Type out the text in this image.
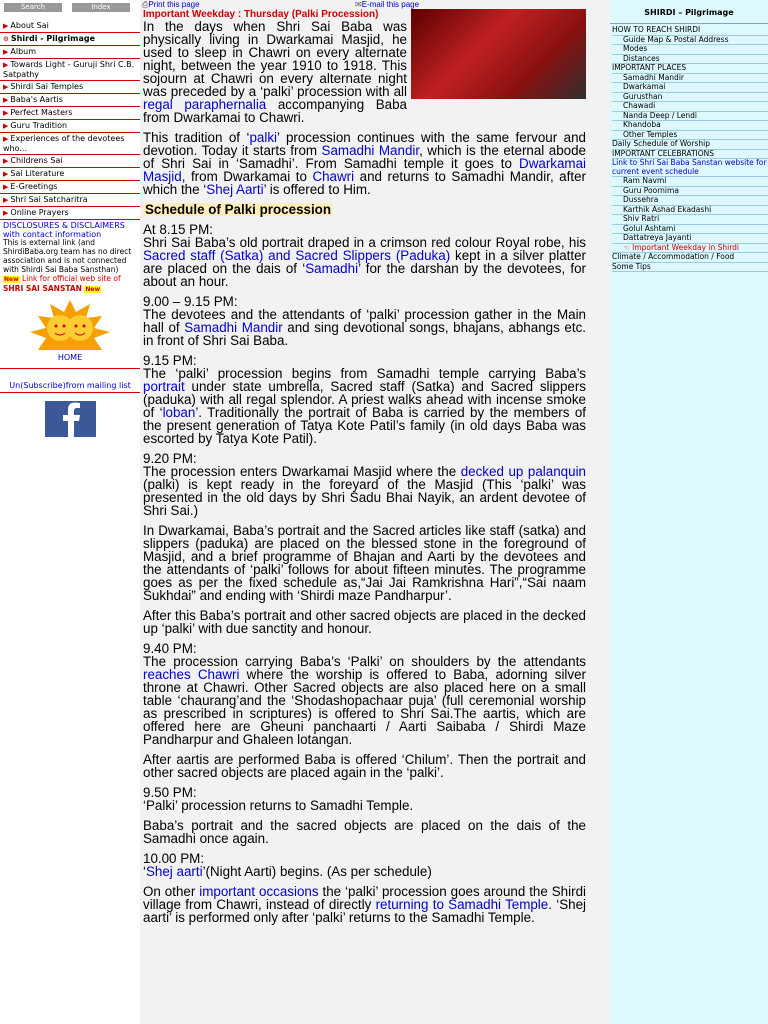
Search	Index
▶ About Sai
⊙ Shirdi - Pilgrimage
▶ Album
▶ Towards Light - Guruji Shri C.B. Satpathy
▶ Shirdi Sai Temples
▶ Baba's Aartis
▶ Perfect Masters
▶ Guru Tradition
▶ Experiences of the devotees who...
▶ Childrens Sai
▶ Sai Literature
▶ E-Greetings
▶ Shri Sai Satcharitra
▶ Online Prayers
DISCLOSURES & DISCLAIMERS with contact information
This is external link (and ShirdiBaba.org team has no direct association and is not connected with Shirdi Sai Baba Sansthan)
New Link for official web site of SHRI SAI SANSTAN New
HOME
Un(Subscribe)from mailing list
⎙Print this page	✉E-mail this page

Important Weekday : Thursday (Palki Procession)

In the days when Shri Sai Baba was physically living in Dwarkamai Masjid, he used to sleep in Chawri on every alternate night, between the year 1910 to 1918. This sojourn at Chawri on every alternate night was preceded by a ‘palki’ procession with all regal paraphernalia accompanying Baba from Dwarkamai to Chawri.

This tradition of ‘palki’ procession continues with the same fervour and devotion. Today it starts from Samadhi Mandir, which is the eternal abode of Shri Sai in ‘Samadhi’. From Samadhi temple it goes to Dwarkamai Masjid, from Dwarkamai to Chawri and returns to Samadhi Mandir, after which the ‘Shej Aarti’ is offered to Him.

Schedule of Palki procession

At 8.15 PM:
Shri Sai Baba’s old portrait draped in a crimson red colour Royal robe, his Sacred staff (Satka) and Sacred Slippers (Paduka) kept in a silver platter are placed on the dais of ‘Samadhi’ for the darshan by the devotees, for about an hour.

9.00 – 9.15 PM:
The devotees and the attendants of ‘palki’ procession gather in the Main hall of Samadhi Mandir and sing devotional songs, bhajans, abhangs etc. in front of Shri Sai Baba.

9.15 PM:
The ‘palki’ procession begins from Samadhi temple carrying Baba’s portrait under state umbrella, Sacred staff (Satka) and Sacred slippers (paduka) with all regal splendor. A priest walks ahead with incense smoke of ‘loban’. Traditionally the portrait of Baba is carried by the members of the present generation of Tatya Kote Patil’s family (in old days Baba was escorted by Tatya Kote Patil).

9.20 PM:
The procession enters Dwarkamai Masjid where the decked up palanquin (palki) is kept ready in the foreyard of the Masjid (This ‘palki’ was presented in the old days by Shri Sadu Bhai Nayik, an ardent devotee of Shri Sai.)

In Dwarkamai, Baba’s portrait and the Sacred articles like staff (satka) and slippers (paduka) are placed on the blessed stone in the foreground of Masjid, and a brief programme of Bhajan and Aarti by the devotees and the attendants of ‘palki’ follows for about fifteen minutes. The programme goes as per the fixed schedule as,“Jai Jai Ramkrishna Hari”,“Sai naam Sukhdai” and ending with ‘Shirdi maze Pandharpur’.

After this Baba’s portrait and other sacred objects are placed in the decked up ‘palki’ with due sanctity and honour.

9.40 PM:
The procession carrying Baba’s ‘Palki’ on shoulders by the attendants reaches Chawri where the worship is offered to Baba, adorning silver throne at Chawri. Other Sacred objects are also placed here on a small table ‘chaurang’and the ‘Shodashopachaar puja’ (full ceremonial worship as prescribed in scriptures) is offered to Shri Sai.The aartis, which are offered here are Gheuni panchaarti / Aarti Saibaba / Shirdi Maze Pandharpur and Ghaleen lotangan.

After aartis are performed Baba is offered ‘Chilum’. Then the portrait and other sacred objects are placed again in the ‘palki’.

9.50 PM:
‘Palki’ procession returns to Samadhi Temple.

Baba’s portrait and the sacred objects are placed on the dais of the Samadhi once again.

10.00 PM:
‘Shej aarti’(Night Aarti) begins. (As per schedule)

On other important occasions the ‘palki’ procession goes around the Shirdi village from Chawri, instead of directly returning to Samadhi Temple. ‘Shej aarti’ is performed only after ‘palki’ returns to the Samadhi Temple.

SHIRDI – Pilgrimage
HOW TO REACH SHIRDI
Guide Map & Postal Address
Modes
Distances
IMPORTANT PLACES
Samadhi Mandir
Dwarkamai
Gurusthan
Chawadi
Nanda Deep / Lendi
Khandoba
Other Temples
Daily Schedule of Worship
IMPORTANT CELEBRATIONS
Link to Shri Sai Baba Sanstan website for current event schedule
Ram Navmi
Guru Poornima
Dussehra
Karthik Ashad Ekadashi
Shiv Ratri
Golul Ashtami
Dattatreya Jayanti
☜ Important Weekday in Shirdi
Climate / Accommodation / Food
Some Tips
